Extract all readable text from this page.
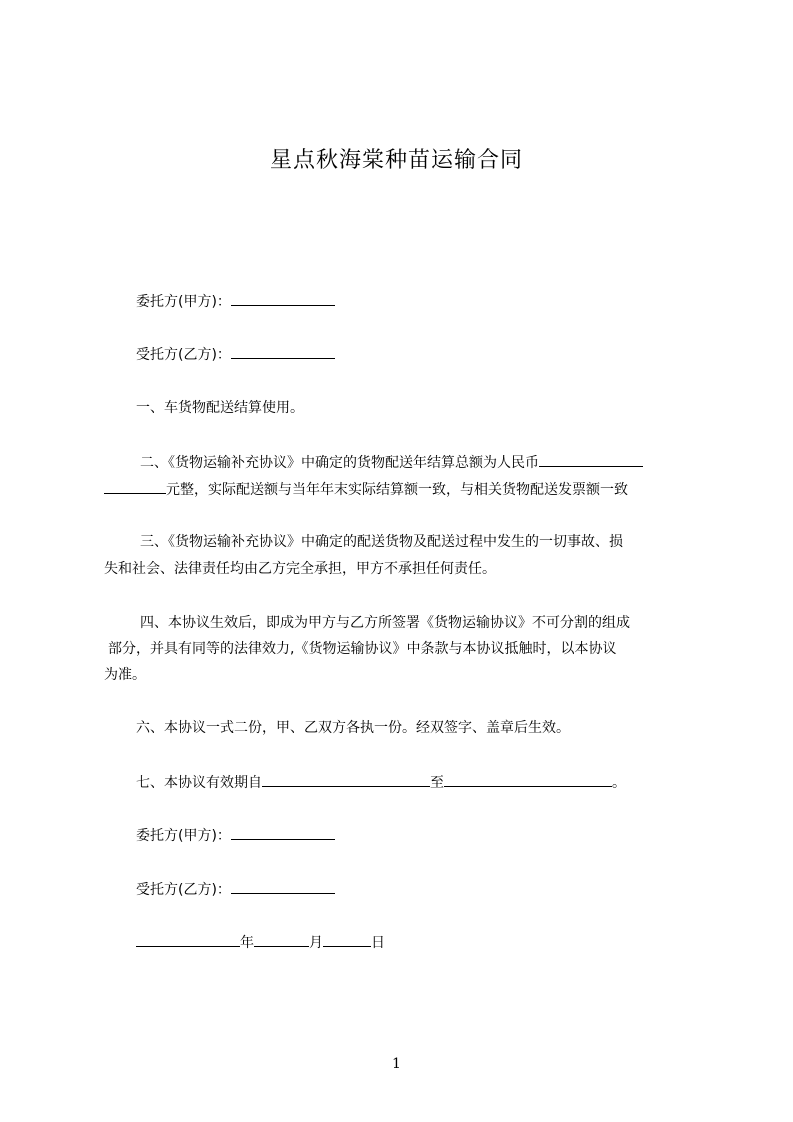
星点秋海棠种苗运输合同
委托方(甲方)：
受托方(乙方)：
一、车货物配送结算使用。
二、《货物运输补充协议》中确定的货物配送年结算总额为人民币
元整，实际配送额与当年年末实际结算额一致，与相关货物配送发票额一致
三、《货物运输补充协议》中确定的配送货物及配送过程中发生的一切事故、损
失和社会、法律责任均由乙方完全承担，甲方不承担任何责任。
四、本协议生效后，即成为甲方与乙方所签署《货物运输协议》不可分割的组成
部分，并具有同等的法律效力,《货物运输协议》中条款与本协议抵触时，以本协议
为准。
六、本协议一式二份，甲、乙双方各执一份。经双签字、盖章后生效。
七、本协议有效期自	至	。
委托方(甲方)：
受托方(乙方)：
年	月	日
1
